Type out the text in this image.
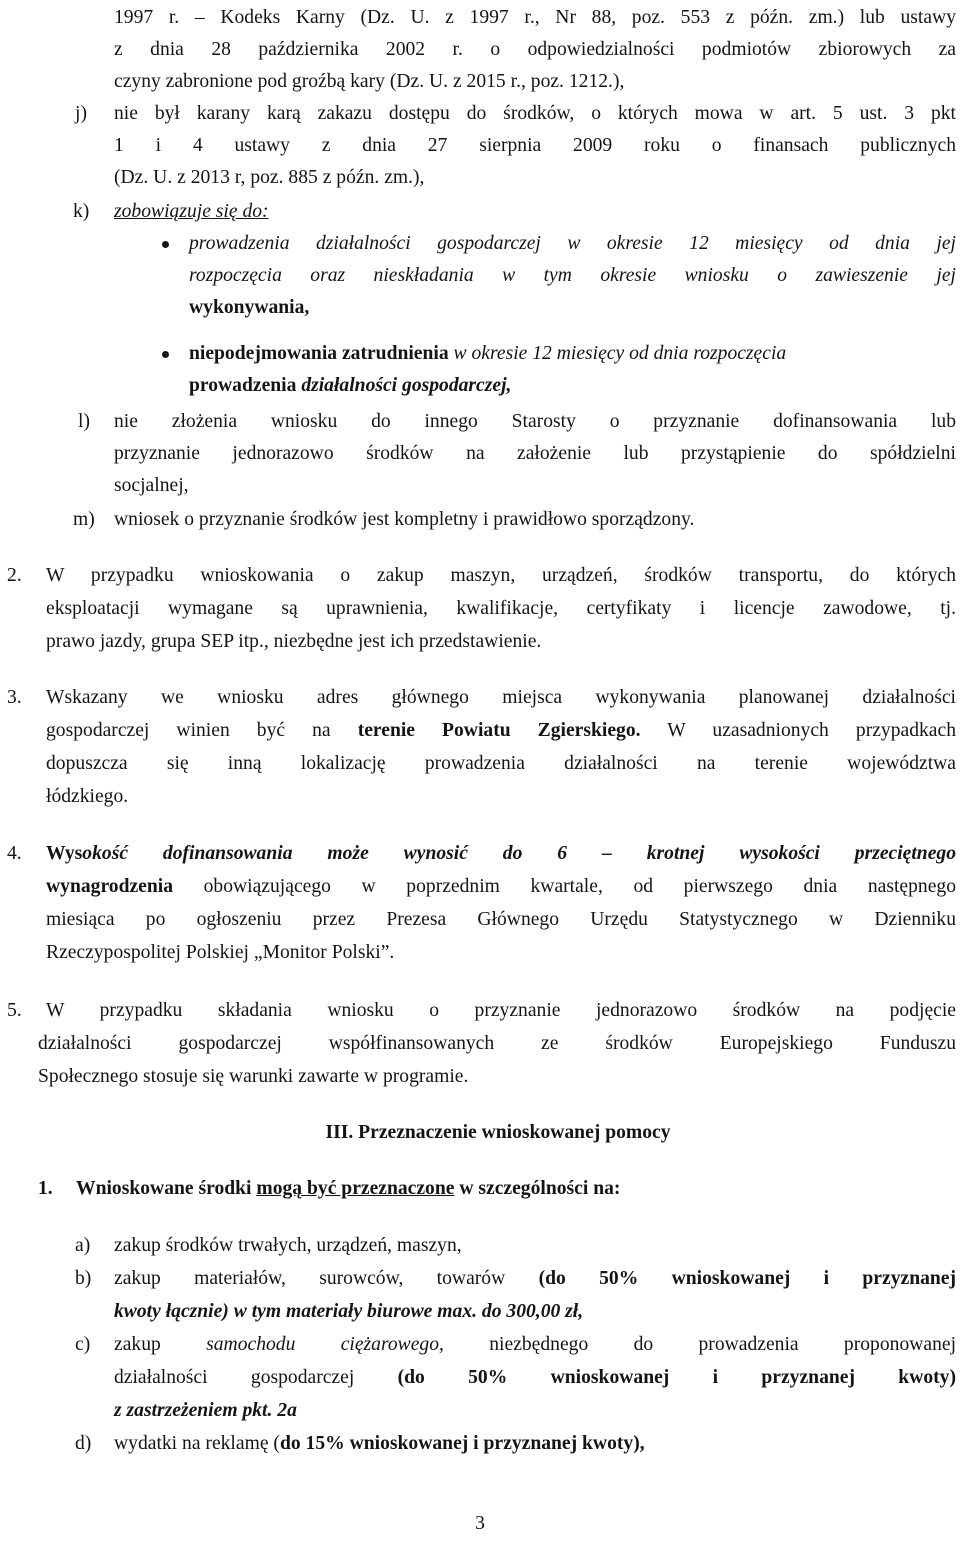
1997 r. – Kodeks Karny (Dz. U. z 1997 r., Nr 88, poz. 553 z późn. zm.) lub ustawy
z dnia 28 października 2002 r. o odpowiedzialności podmiotów zbiorowych za
czyny zabronione pod groźbą kary (Dz. U. z 2015 r., poz. 1212.),
j) nie był karany karą zakazu dostępu do środków, o których mowa w art. 5 ust. 3 pkt
1 i 4 ustawy z dnia 27 sierpnia 2009 roku o finansach publicznych
(Dz. U. z 2013 r, poz. 885 z późn. zm.),
k) zobowiązuje się do:
prowadzenia działalności gospodarczej w okresie 12 miesięcy od dnia jej
rozpoczęcia oraz nieskładania w tym okresie wniosku o zawieszenie jej
wykonywania,
niepodejmowania zatrudnienia w okresie 12 miesięcy od dnia rozpoczęcia
prowadzenia działalności gospodarczej,
l) nie złożenia wniosku do innego Starosty o przyznanie dofinansowania lub
przyznanie jednorazowo środków na założenie lub przystąpienie do spółdzielni
socjalnej,
m) wniosek o przyznanie środków jest kompletny i prawidłowo sporządzony.
2. W przypadku wnioskowania o zakup maszyn, urządzeń, środków transportu, do których
eksploatacji wymagane są uprawnienia, kwalifikacje, certyfikaty i licencje zawodowe, tj.
prawo jazdy, grupa SEP itp., niezbędne jest ich przedstawienie.
3. Wskazany we wniosku adres głównego miejsca wykonywania planowanej działalności
gospodarczej winien być na terenie Powiatu Zgierskiego. W uzasadnionych przypadkach
dopuszcza się inną lokalizację prowadzenia działalności na terenie województwa
łódzkiego.
4. Wysokość dofinansowania może wynosić do 6 – krotnej wysokości przeciętnego
wynagrodzenia obowiązującego w poprzednim kwartale, od pierwszego dnia następnego
miesiąca po ogłoszeniu przez Prezesa Głównego Urzędu Statystycznego w Dzienniku
Rzeczypospolitej Polskiej „Monitor Polski”.
5.	W przypadku składania wniosku o przyznanie jednorazowo środków na podjęcie
działalności gospodarczej współfinansowanych ze środków Europejskiego Funduszu
Społecznego stosuje się warunki zawarte w programie.
III. Przeznaczenie wnioskowanej pomocy
1. Wnioskowane środki mogą być przeznaczone w szczególności na:
a) zakup środków trwałych, urządzeń, maszyn,
b) zakup materiałów, surowców, towarów (do 50% wnioskowanej i przyznanej
kwoty łącznie) w tym materiały biurowe max. do 300,00 zł,
c) zakup samochodu ciężarowego, niezbędnego do prowadzenia proponowanej
działalności gospodarczej (do 50% wnioskowanej i przyznanej kwoty)
z zastrzeżeniem pkt. 2a
d) wydatki na reklamę (do 15% wnioskowanej i przyznanej kwoty),
3
